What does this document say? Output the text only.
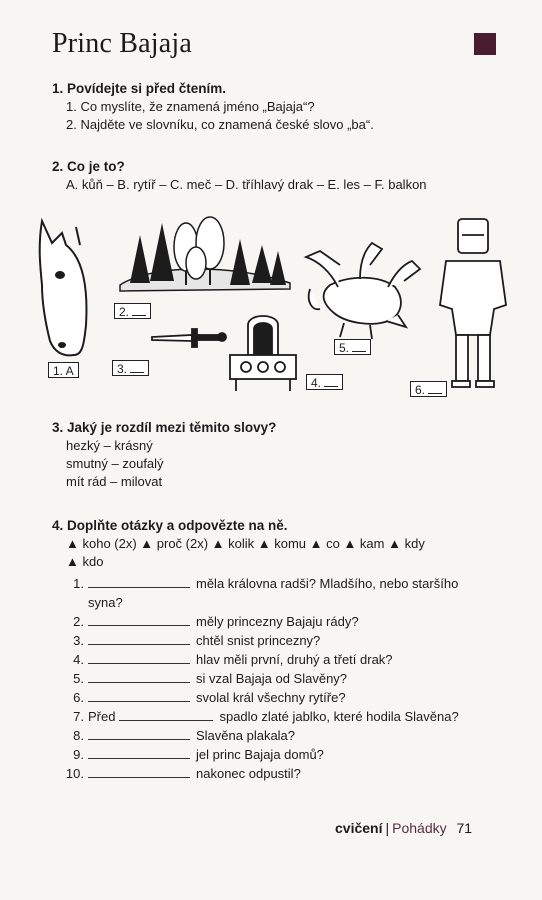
Princ Bajaja
1. Povídejte si před čtením.
1. Co myslíte, že znamená jméno „Bajaja“?
2. Najděte ve slovníku, co znamená české slovo „ba“.
2. Co je to?
A. kůň – B. rytíř – C. meč – D. tříhlavý drak – E. les – F. balkon
1. A
2.
3.
4.
5.
6.
3. Jaký je rozdíl mezi těmito slovy?
hezký – krásný
smutný – zoufalý
mít rád – milovat
4. Doplňte otázky a odpovězte na ně.
▲ koho (2x) ▲ proč (2x) ▲ kolik ▲ komu ▲ co ▲ kam ▲ kdy
▲ kdo
1.	měla královna radši? Mladšího, nebo staršího
syna?
2.	měly princezny Bajaju rády?
3.	chtěl snist princezny?
4.	hlav měli první, druhý a třetí drak?
5.	si vzal Bajaja od Slavěny?
6.	svolal král všechny rytíře?
7. Před	spadlo zlaté jablko, které hodila Slavěna?
8.	Slavěna plakala?
9.	jel princ Bajaja domů?
10.	nakonec odpustil?
cvičení | Pohádky 71
